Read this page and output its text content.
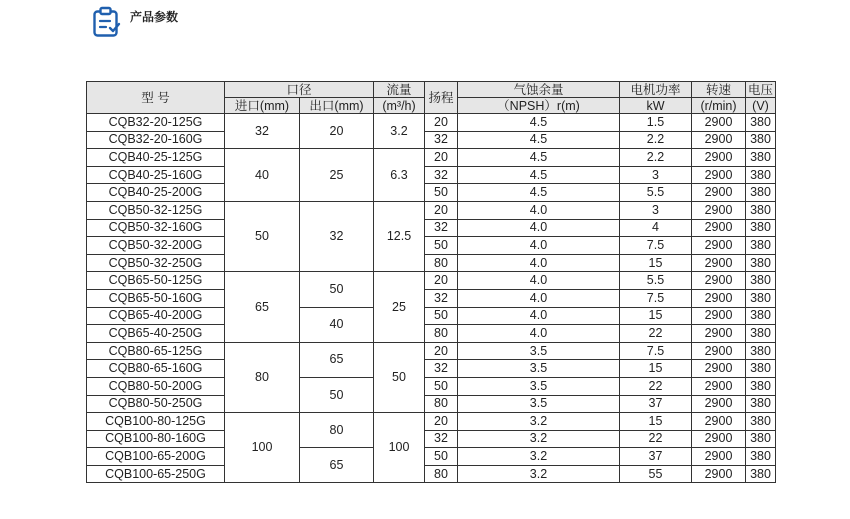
产品参数
型 号	口径		流量	扬程	气蚀余量	电机功率	转速	电压
	进口(mm)	出口(mm)	(m³/h)		（NPSH）r(m)	kW	(r/min)	(V)
CQB32-20-125G	32	20	3.2	20	4.5	1.5	2900	380
CQB32-20-160G				32	4.5	2.2	2900	380
CQB40-25-125G	40	25	6.3	20	4.5	2.2	2900	380
CQB40-25-160G				32	4.5	3	2900	380
CQB40-25-200G				50	4.5	5.5	2900	380
CQB50-32-125G	50	32	12.5	20	4.0	3	2900	380
CQB50-32-160G				32	4.0	4	2900	380
CQB50-32-200G				50	4.0	7.5	2900	380
CQB50-32-250G				80	4.0	15	2900	380
CQB65-50-125G	65	50	25	20	4.0	5.5	2900	380
CQB65-50-160G				32	4.0	7.5	2900	380
CQB65-40-200G		40		50	4.0	15	2900	380
CQB65-40-250G				80	4.0	22	2900	380
CQB80-65-125G	80	65	50	20	3.5	7.5	2900	380
CQB80-65-160G				32	3.5	15	2900	380
CQB80-50-200G		50		50	3.5	22	2900	380
CQB80-50-250G				80	3.5	37	2900	380
CQB100-80-125G	100	80	100	20	3.2	15	2900	380
CQB100-80-160G				32	3.2	22	2900	380
CQB100-65-200G		65		50	3.2	37	2900	380
CQB100-65-250G				80	3.2	55	2900	380
